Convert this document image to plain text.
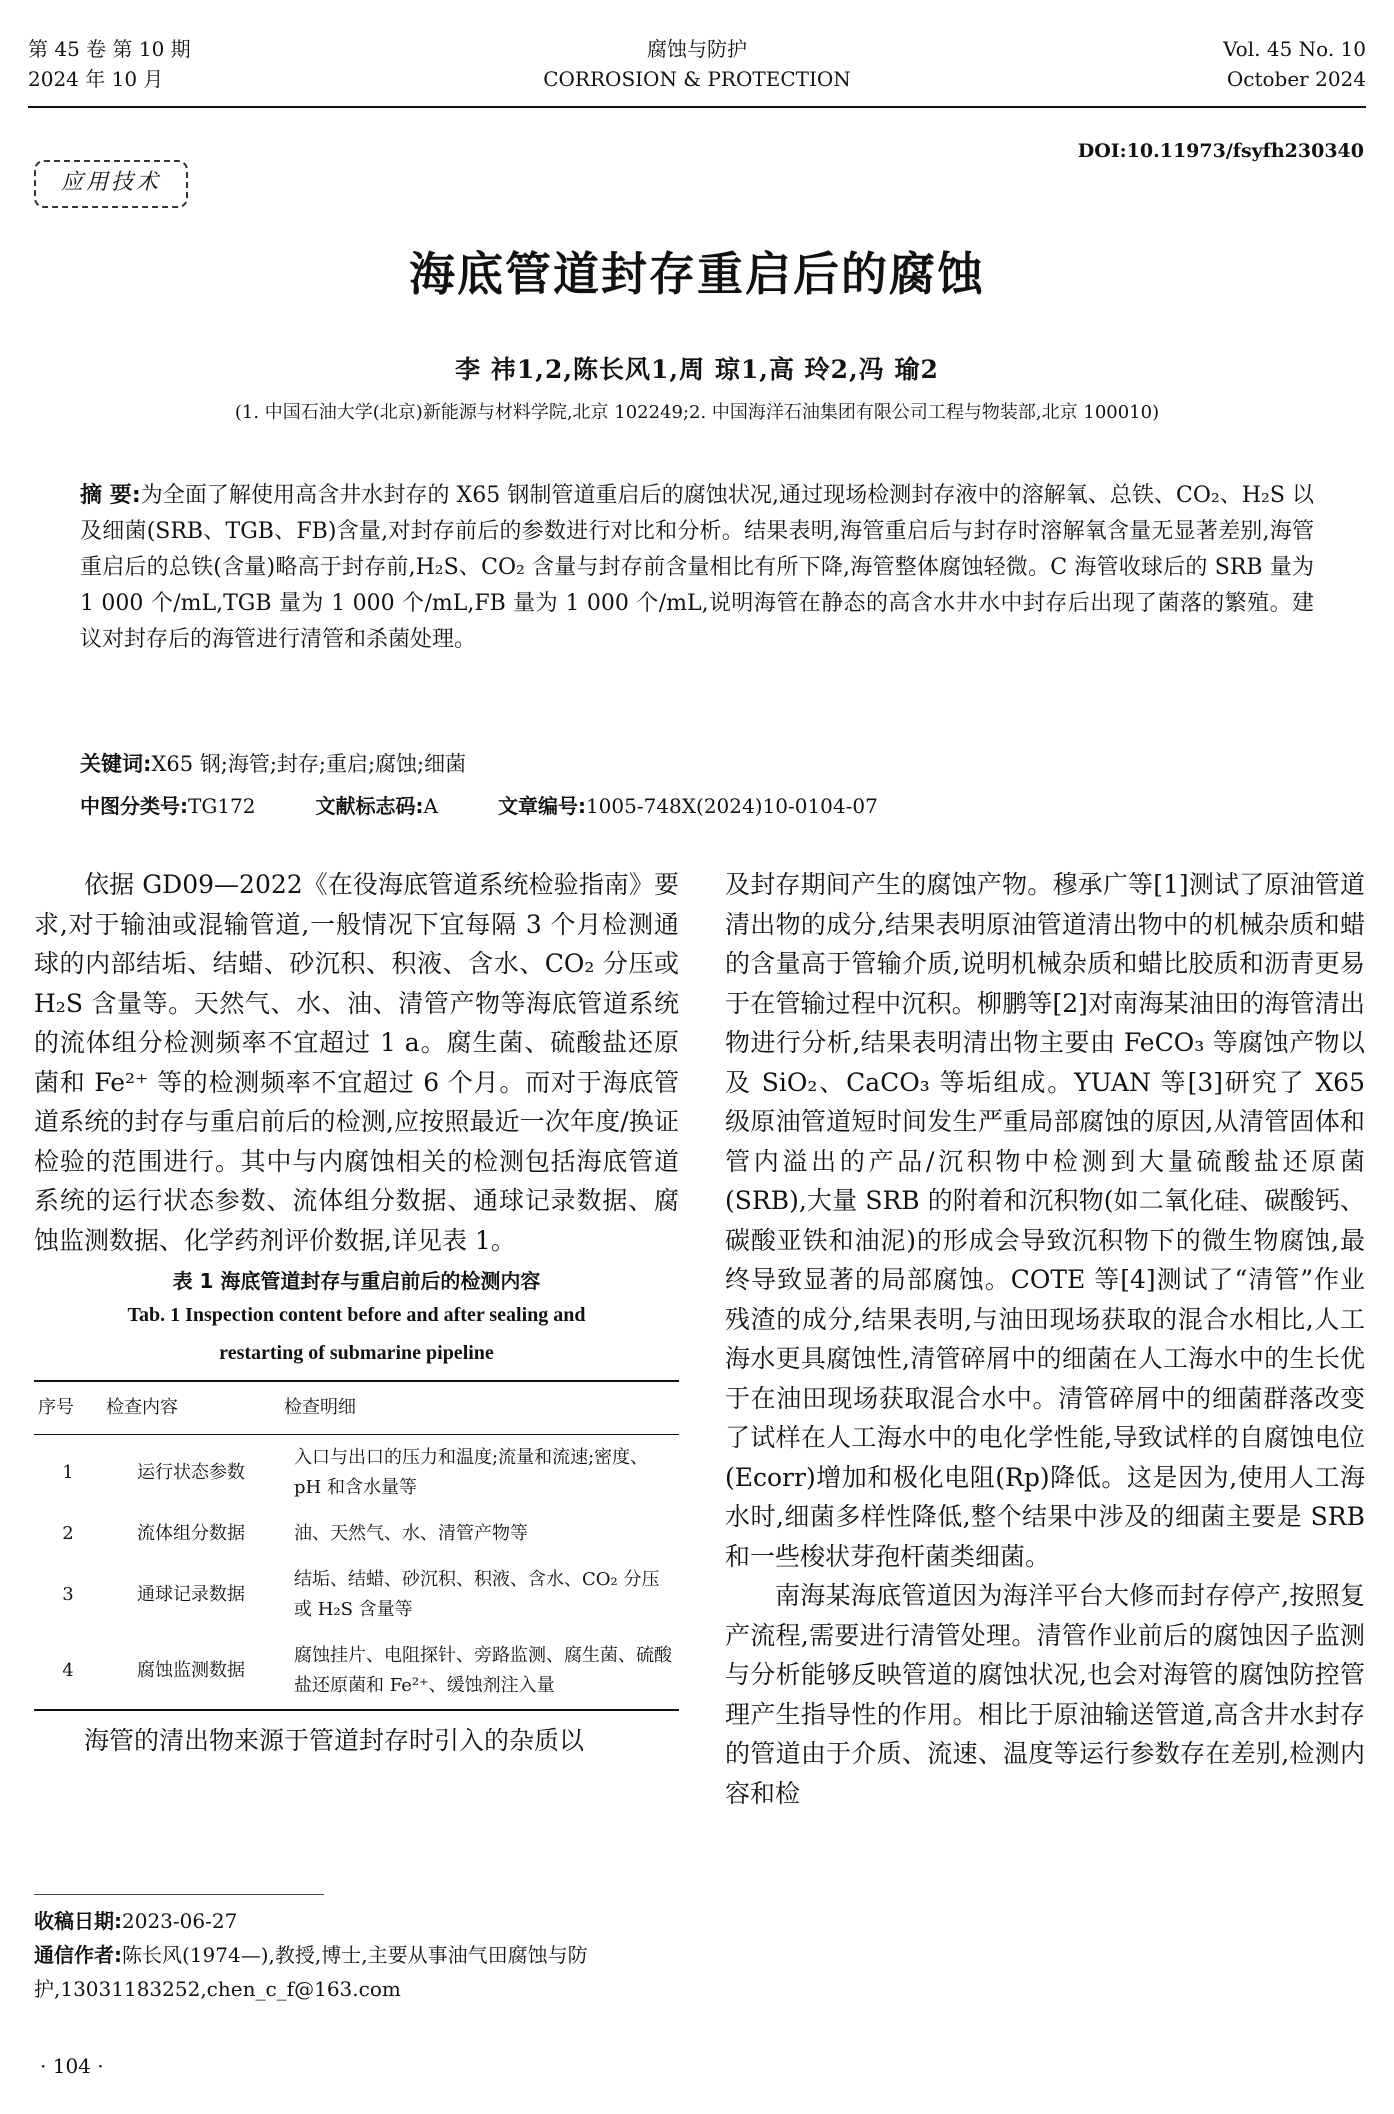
第 45 卷 第 10 期
2024 年 10 月
腐蚀与防护
CORROSION & PROTECTION
Vol. 45 No. 10
October 2024
DOI:10.11973/fsyfh230340
应用技术
海底管道封存重启后的腐蚀
李 祎1,2,陈长风1,周 琼1,高 玲2,冯 瑜2
(1. 中国石油大学(北京)新能源与材料学院,北京 102249;2. 中国海洋石油集团有限公司工程与物装部,北京 100010)
摘 要:为全面了解使用高含井水封存的 X65 钢制管道重启后的腐蚀状况,通过现场检测封存液中的溶解氧、总铁、CO₂、H₂S 以及细菌(SRB、TGB、FB)含量,对封存前后的参数进行对比和分析。结果表明,海管重启后与封存时溶解氧含量无显著差别,海管重启后的总铁(含量)略高于封存前,H₂S、CO₂ 含量与封存前含量相比有所下降,海管整体腐蚀轻微。C 海管收球后的 SRB 量为 1 000 个/mL,TGB 量为 1 000 个/mL,FB 量为 1 000 个/mL,说明海管在静态的高含水井水中封存后出现了菌落的繁殖。建议对封存后的海管进行清管和杀菌处理。
关键词:X65 钢;海管;封存;重启;腐蚀;细菌
中图分类号:TG172	文献标志码:A	文章编号:1005-748X(2024)10-0104-07

依据 GD09—2022《在役海底管道系统检验指南》要求,对于输油或混输管道,一般情况下宜每隔 3 个月检测通球的内部结垢、结蜡、砂沉积、积液、含水、CO₂ 分压或 H₂S 含量等。天然气、水、油、清管产物等海底管道系统的流体组分检测频率不宜超过 1 a。腐生菌、硫酸盐还原菌和 Fe²⁺ 等的检测频率不宜超过 6 个月。而对于海底管道系统的封存与重启前后的检测,应按照最近一次年度/换证检验的范围进行。其中与内腐蚀相关的检测包括海底管道系统的运行状态参数、流体组分数据、通球记录数据、腐蚀监测数据、化学药剂评价数据,详见表 1。

表 1 海底管道封存与重启前后的检测内容
Tab. 1 Inspection content before and after sealing and
restarting of submarine pipeline
序号	检查内容	检查明细
1	运行状态参数	入口与出口的压力和温度;流量和流速;密度、pH 和含水量等
2	流体组分数据	油、天然气、水、清管产物等
3	通球记录数据	结垢、结蜡、砂沉积、积液、含水、CO₂ 分压或 H₂S 含量等
4	腐蚀监测数据	腐蚀挂片、电阻探针、旁路监测、腐生菌、硫酸盐还原菌和 Fe²⁺、缓蚀剂注入量

海管的清出物来源于管道封存时引入的杂质以

及封存期间产生的腐蚀产物。穆承广等[1]测试了原油管道清出物的成分,结果表明原油管道清出物中的机械杂质和蜡的含量高于管输介质,说明机械杂质和蜡比胶质和沥青更易于在管输过程中沉积。柳鹏等[2]对南海某油田的海管清出物进行分析,结果表明清出物主要由 FeCO₃ 等腐蚀产物以及 SiO₂、CaCO₃ 等垢组成。YUAN 等[3]研究了 X65 级原油管道短时间发生严重局部腐蚀的原因,从清管固体和管内溢出的产品/沉积物中检测到大量硫酸盐还原菌(SRB),大量 SRB 的附着和沉积物(如二氧化硅、碳酸钙、碳酸亚铁和油泥)的形成会导致沉积物下的微生物腐蚀,最终导致显著的局部腐蚀。COTE 等[4]测试了“清管”作业残渣的成分,结果表明,与油田现场获取的混合水相比,人工海水更具腐蚀性,清管碎屑中的细菌在人工海水中的生长优于在油田现场获取混合水中。清管碎屑中的细菌群落改变了试样在人工海水中的电化学性能,导致试样的自腐蚀电位(Ecorr)增加和极化电阻(Rp)降低。这是因为,使用人工海水时,细菌多样性降低,整个结果中涉及的细菌主要是 SRB 和一些梭状芽孢杆菌类细菌。

南海某海底管道因为海洋平台大修而封存停产,按照复产流程,需要进行清管处理。清管作业前后的腐蚀因子监测与分析能够反映管道的腐蚀状况,也会对海管的腐蚀防控管理产生指导性的作用。相比于原油输送管道,高含井水封存的管道由于介质、流速、温度等运行参数存在差别,检测内容和检

收稿日期:2023-06-27
通信作者:陈长风(1974—),教授,博士,主要从事油气田腐蚀与防护,13031183252,chen_c_f@163.com
· 104 ·
